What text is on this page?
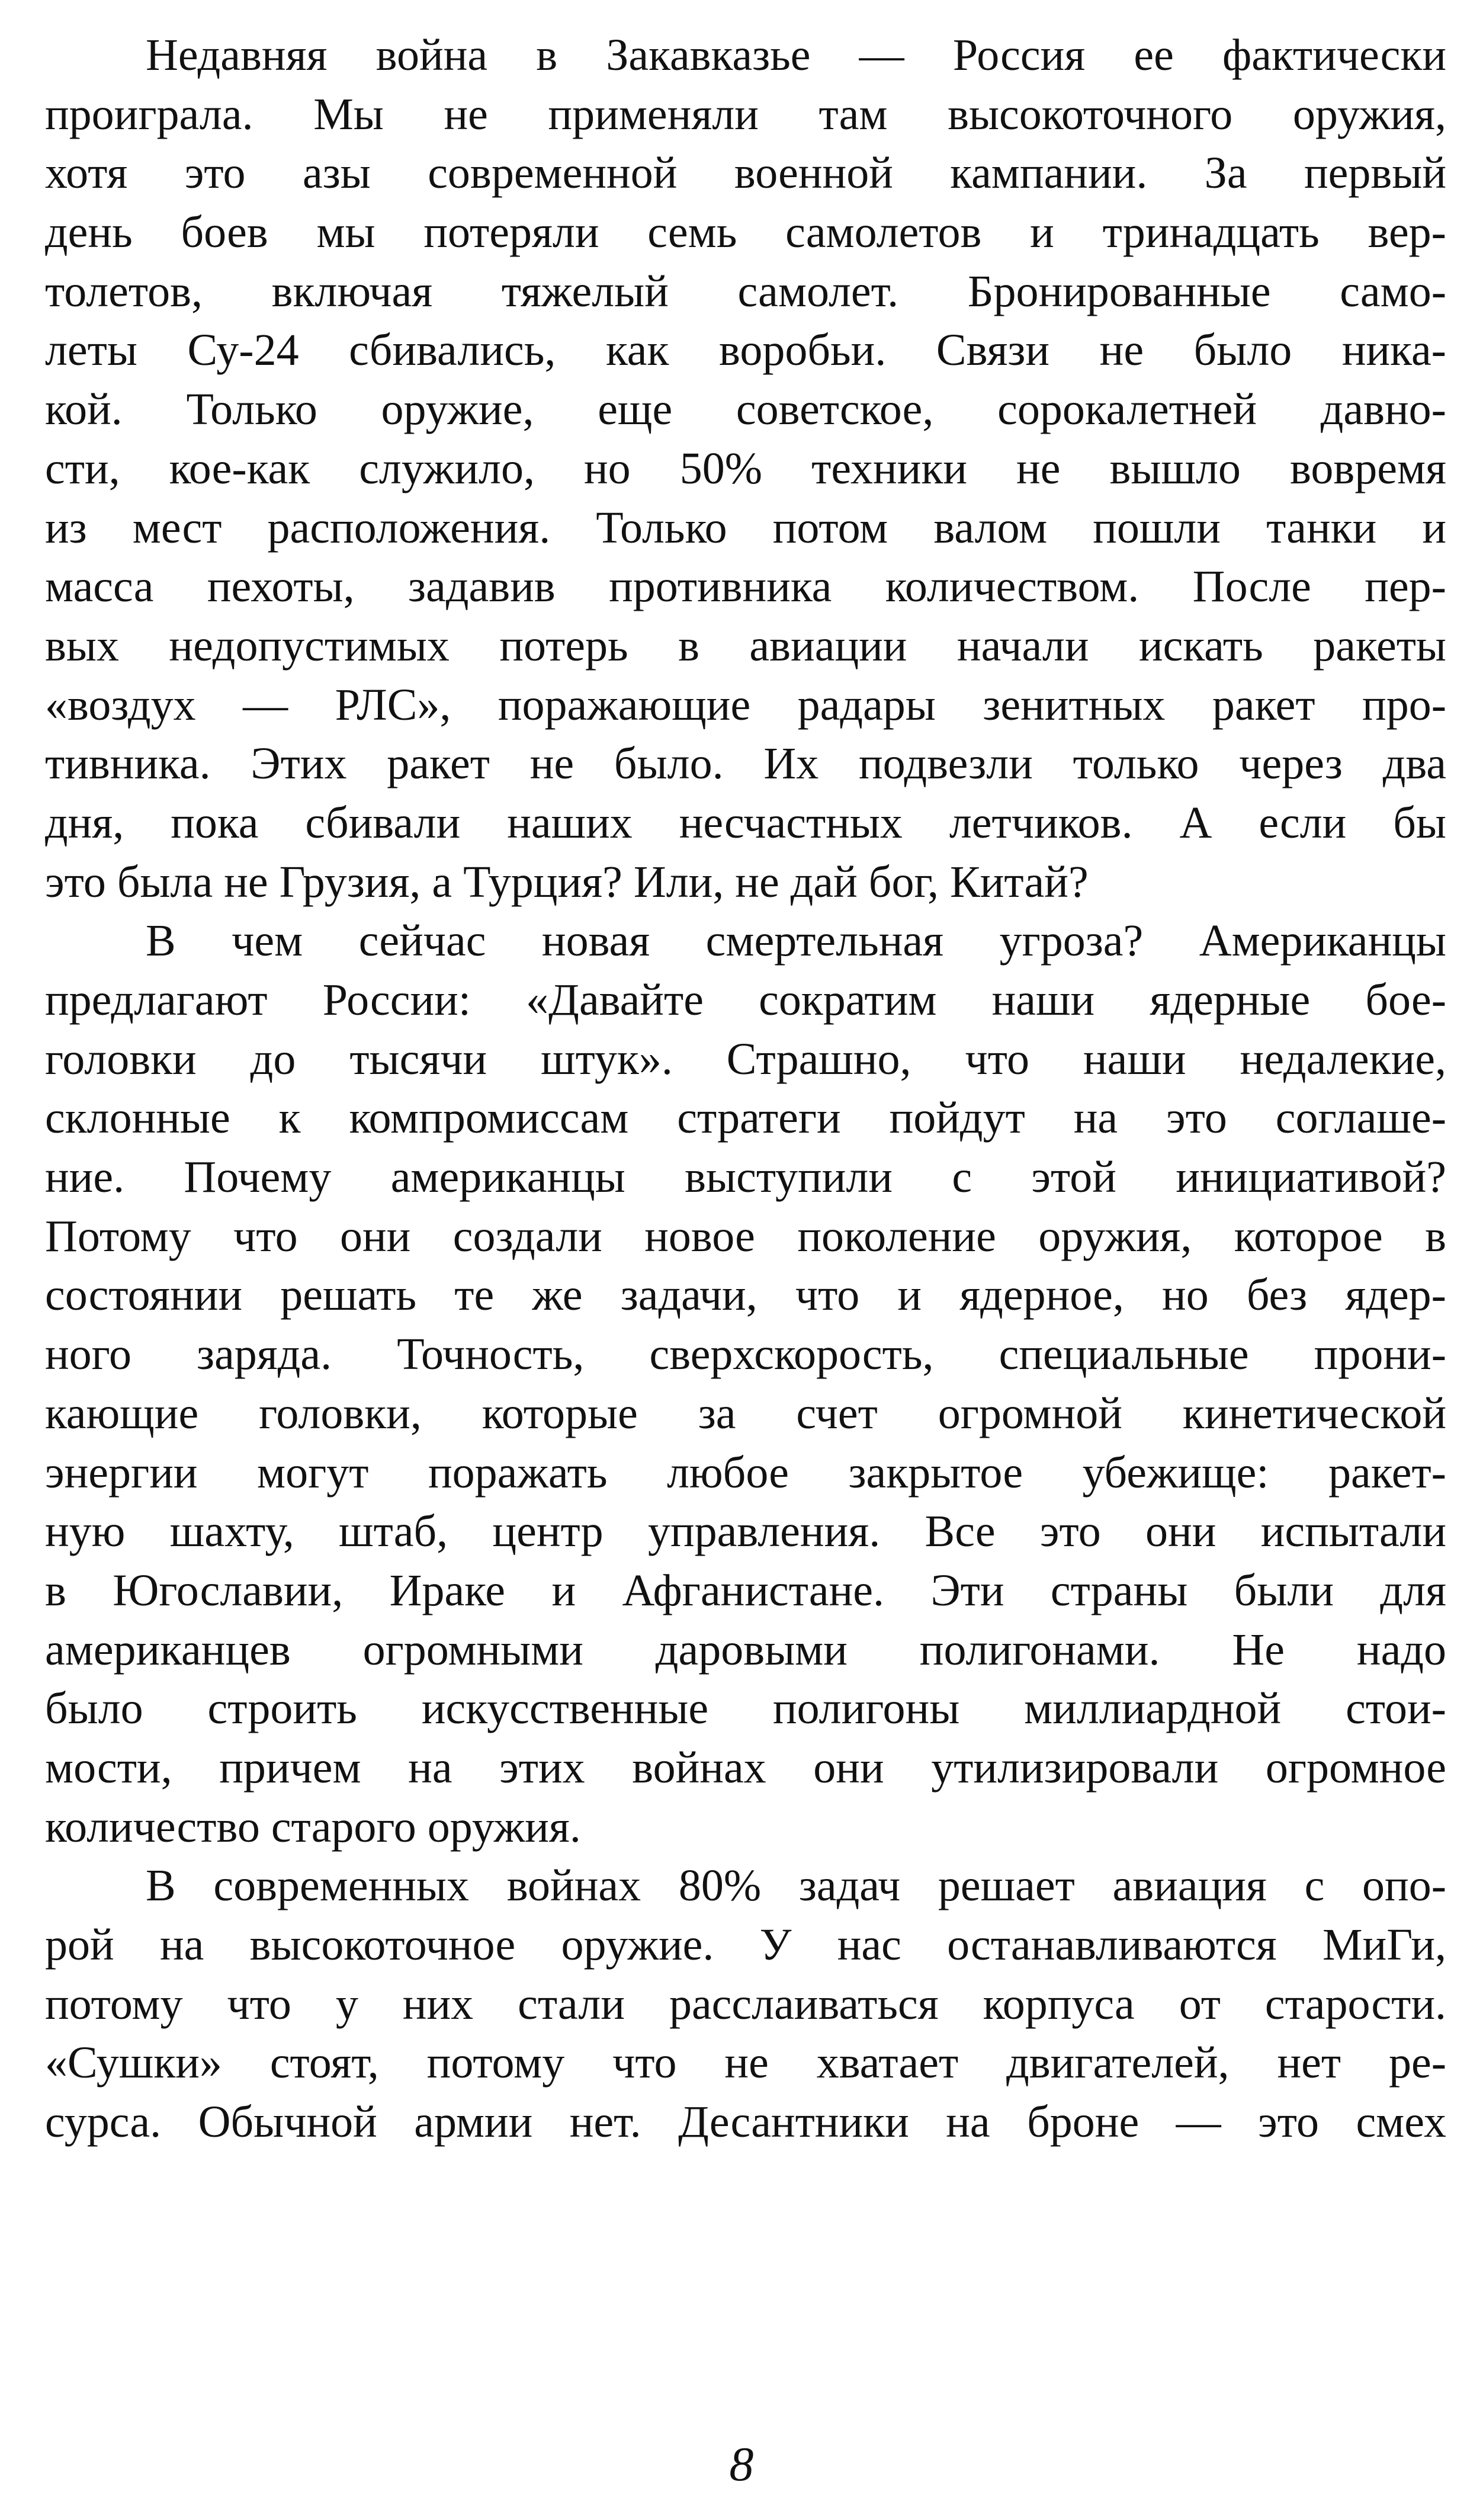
Недавняя война в Закавказье — Россия ее фактически
проиграла. Мы не применяли там высокоточного оружия,
хотя это азы современной военной кампании. За первый
день боев мы потеряли семь самолетов и тринадцать вер-
толетов, включая тяжелый самолет. Бронированные само-
леты Су-24 сбивались, как воробьи. Связи не было ника-
кой. Только оружие, еще советское, сорокалетней давно-
сти, кое-как служило, но 50% техники не вышло вовремя
из мест расположения. Только потом валом пошли танки и
масса пехоты, задавив противника количеством. После пер-
вых недопустимых потерь в авиации начали искать ракеты
«воздух — РЛС», поражающие радары зенитных ракет про-
тивника. Этих ракет не было. Их подвезли только через два
дня, пока сбивали наших несчастных летчиков. А если бы
это была не Грузия, а Турция? Или, не дай бог, Китай?
В чем сейчас новая смертельная угроза? Американцы
предлагают России: «Давайте сократим наши ядерные бое-
головки до тысячи штук». Страшно, что наши недалекие,
склонные к компромиссам стратеги пойдут на это соглаше-
ние. Почему американцы выступили с этой инициативой?
Потому что они создали новое поколение оружия, которое в
состоянии решать те же задачи, что и ядерное, но без ядер-
ного заряда. Точность, сверхскорость, специальные прони-
кающие головки, которые за счет огромной кинетической
энергии могут поражать любое закрытое убежище: ракет-
ную шахту, штаб, центр управления. Все это они испытали
в Югославии, Ираке и Афганистане. Эти страны были для
американцев огромными даровыми полигонами. Не надо
было строить искусственные полигоны миллиардной стои-
мости, причем на этих войнах они утилизировали огромное
количество старого оружия.
В современных войнах 80% задач решает авиация с опо-
рой на высокоточное оружие. У нас останавливаются МиГи,
потому что у них стали расслаиваться корпуса от старости.
«Сушки» стоят, потому что не хватает двигателей, нет ре-
сурса. Обычной армии нет. Десантники на броне — это смех
8
